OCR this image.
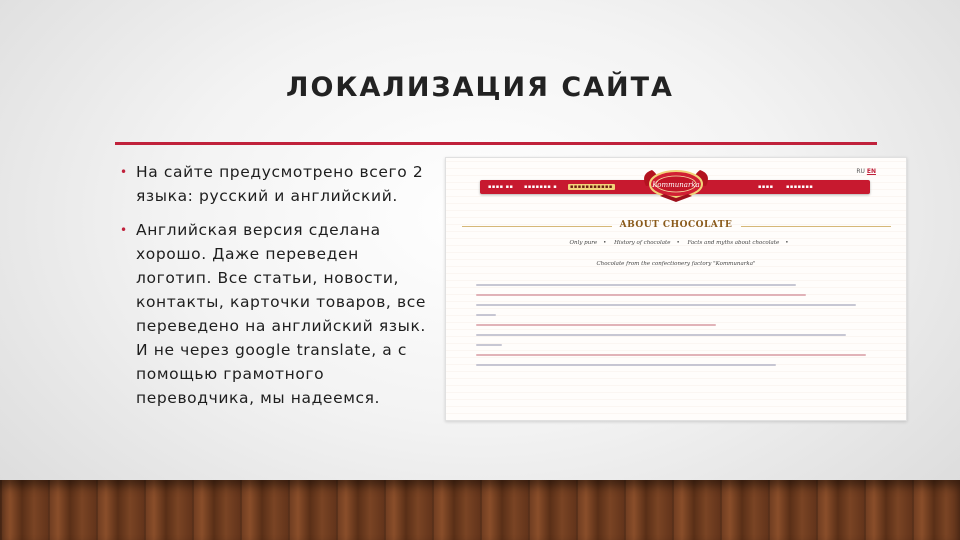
ЛОКАЛИЗАЦИЯ САЙТА
• На сайте предусмотрено всего 2 языка: русский и английский.
• Английская версия сделана хорошо. Даже переведен логотип. Все статьи, новости, контакты, карточки товаров, все переведено на английский язык. И не через google translate, а с помощью грамотного переводчика, мы надеемся.
RU EN
▪▪▪▪ ▪▪ ▪▪▪▪▪▪▪ ▪	▪▪▪▪▪▪▪▪▪▪▪	▪▪▪▪ ▪▪▪▪▪▪▪
Kommunarka
ABOUT CHOCOLATE
Only pure • History of chocolate • Facts and myths about chocolate •
Chocolate from the confectionery factory "Kommunarka"
